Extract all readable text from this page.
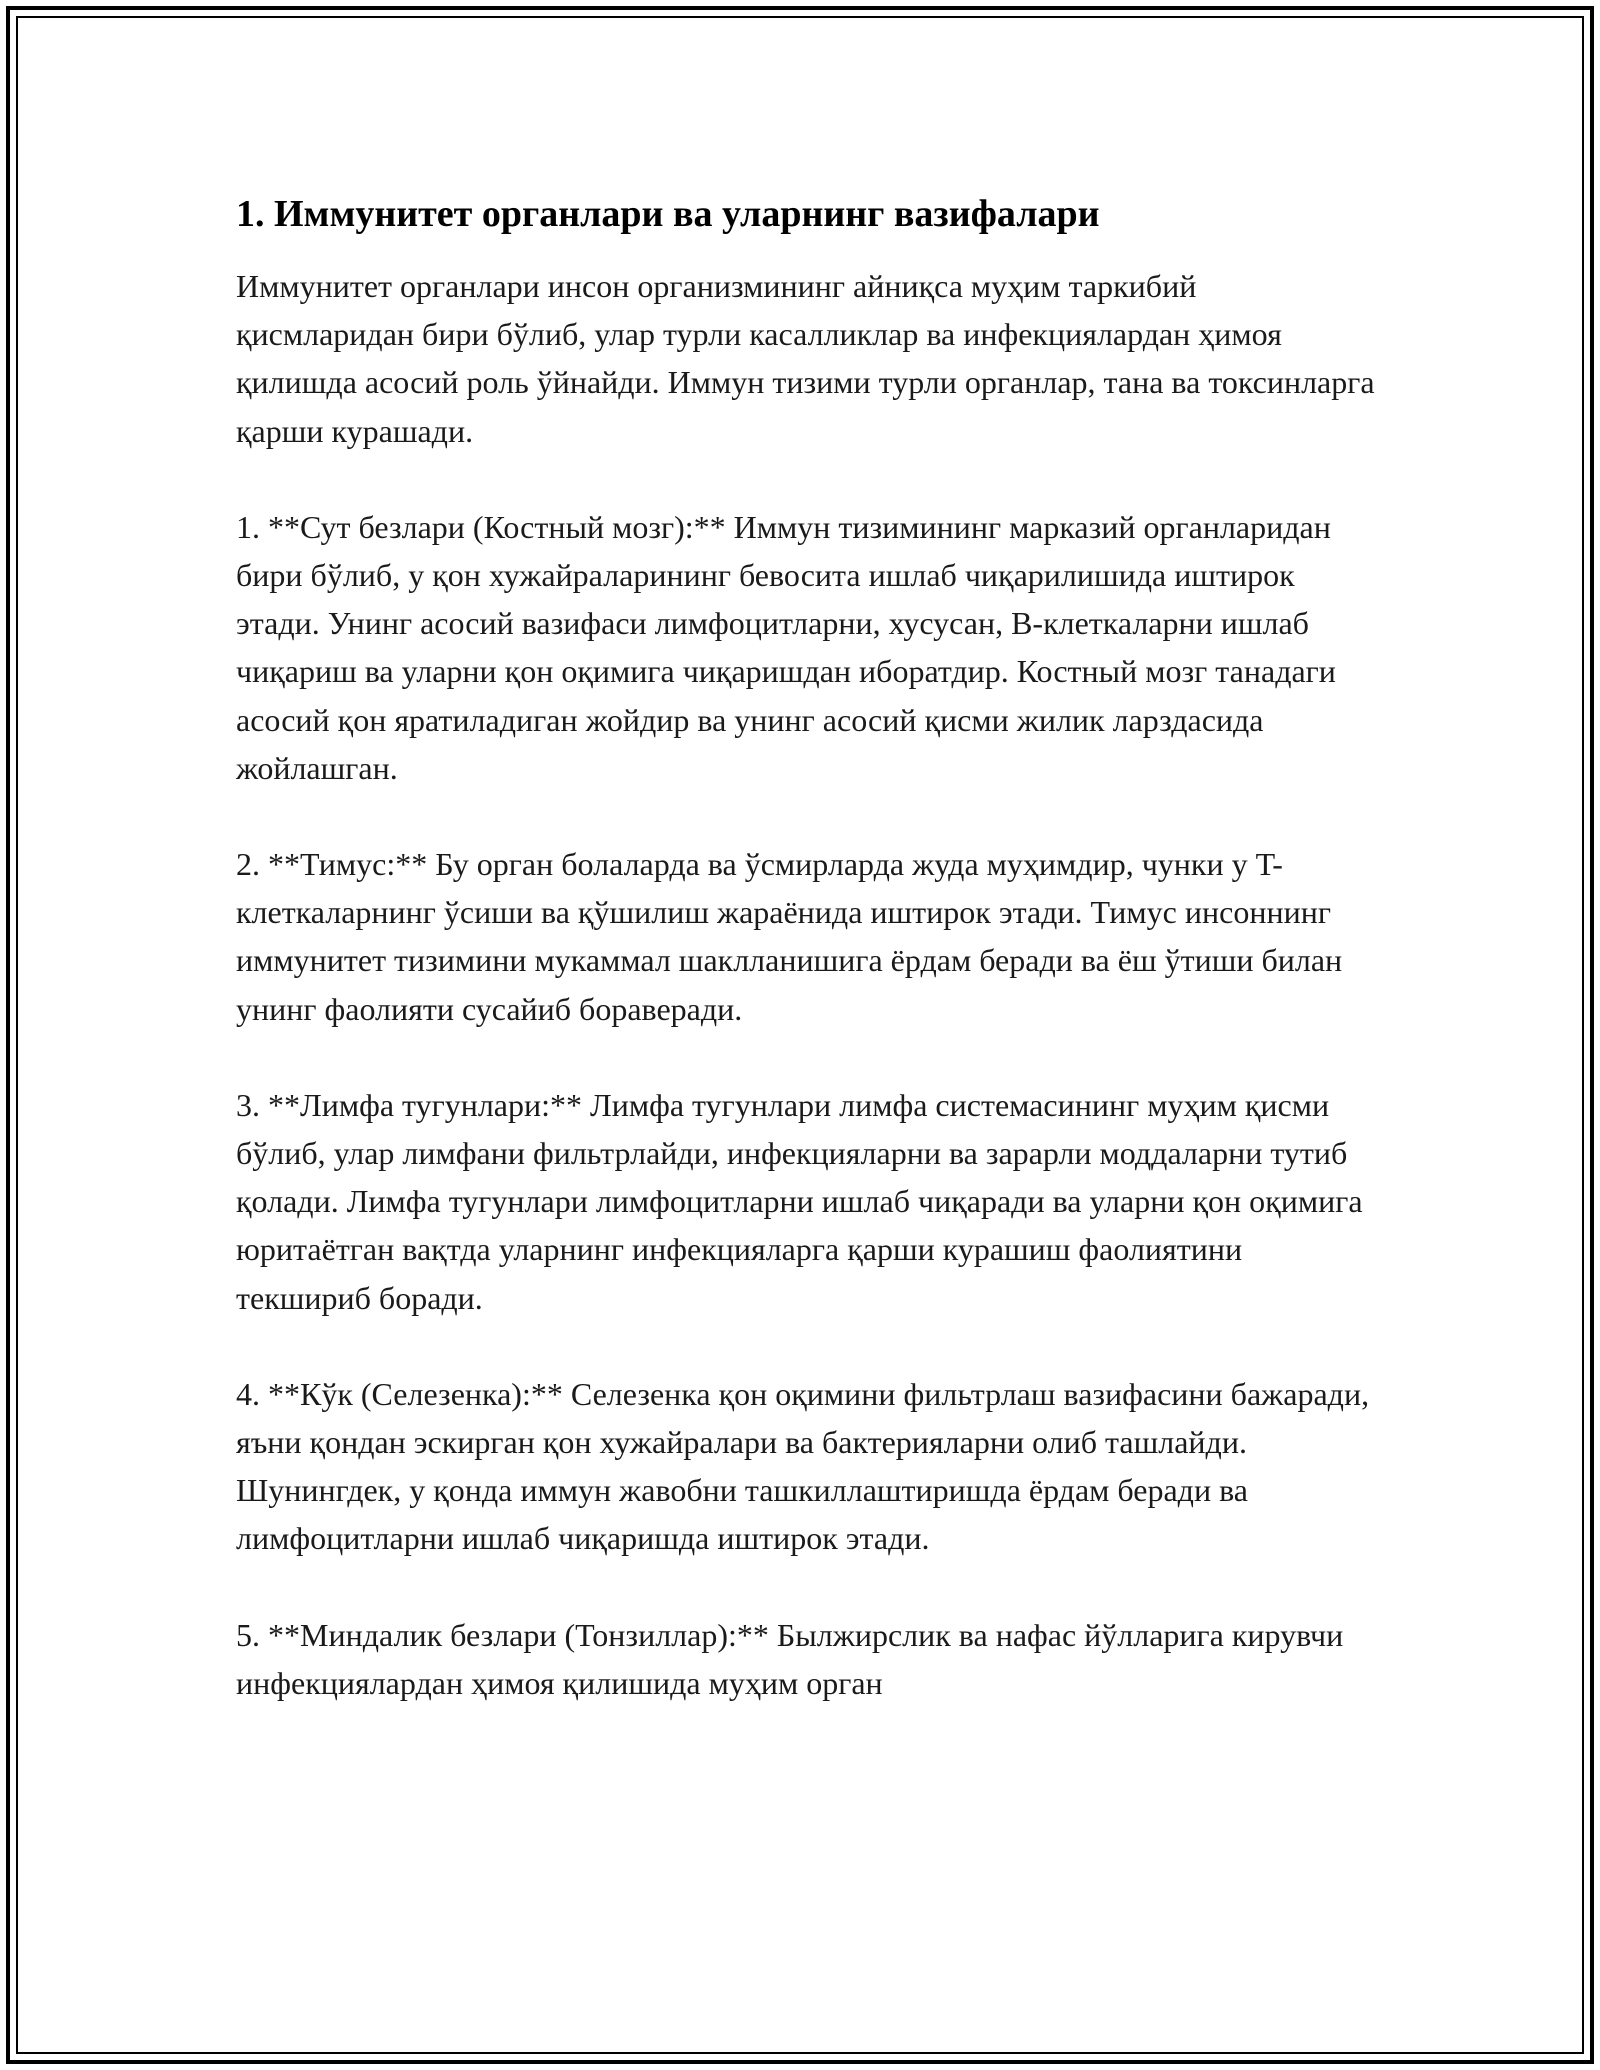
1. Иммунитет органлари ва уларнинг вазифалари

Иммунитет органлари инсон организмининг айниқса муҳим таркибий қисмларидан бири бўлиб, улар турли касалликлар ва инфекциялардан ҳимоя қилишда асосий роль ўйнайди. Иммун тизими турли органлар, тана ва токсинларга қарши курашади.

1. **Сут безлари (Костный мозг):** Иммун тизимининг марказий органларидан бири бўлиб, у қон хужайраларининг бевосита ишлаб чиқарилишида иштирок этади. Унинг асосий вазифаси лимфоцитларни, хусусан, B-клеткаларни ишлаб чиқариш ва уларни қон оқимига чиқаришдан иборатдир. Костный мозг танадаги асосий қон яратиладиган жойдир ва унинг асосий қисми жилик ларздасида жойлашган.

2. **Тимус:** Бу орган болаларда ва ўсмирларда жуда муҳимдир, чунки у T-клеткаларнинг ўсиши ва қўшилиш жараёнида иштирок этади. Тимус инсоннинг иммунитет тизимини мукаммал шаклланишига ёрдам беради ва ёш ўтиши билан унинг фаолияти сусайиб бораверади.

3. **Лимфа тугунлари:** Лимфа тугунлари лимфа системасининг муҳим қисми бўлиб, улар лимфани фильтрлайди, инфекцияларни ва зарарли моддаларни тутиб қолади. Лимфа тугунлари лимфоцитларни ишлаб чиқаради ва уларни қон оқимига юритаётган вақтда уларнинг инфекцияларга қарши курашиш фаолиятини текшириб боради.

4. **Кўк (Селезенка):** Селезенка қон оқимини фильтрлаш вазифасини бажаради, яъни қондан эскирган қон хужайралари ва бактерияларни олиб ташлайди. Шунингдек, у қонда иммун жавобни ташкиллаштиришда ёрдам беради ва лимфоцитларни ишлаб чиқаришда иштирок этади.

5. **Миндалик безлари (Тонзиллар):** Былжирслик ва нафас йўлларига кирувчи инфекциялардан ҳимоя қилишида муҳим орган
